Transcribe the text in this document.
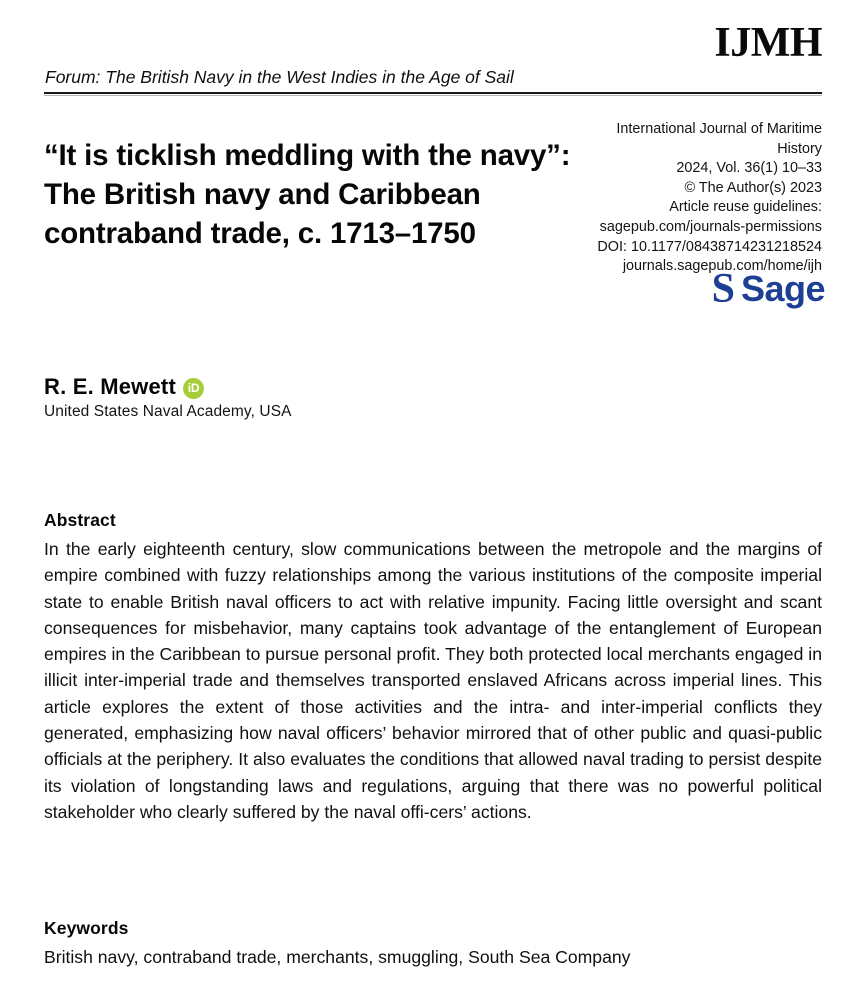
IJMH
Forum: The British Navy in the West Indies in the Age of Sail
“It is ticklish meddling with the navy”: The British navy and Caribbean contraband trade, c. 1713–1750
International Journal of Maritime
History
2024, Vol. 36(1) 10–33
© The Author(s) 2023
Article reuse guidelines:
sagepub.com/journals-permissions
DOI: 10.1177/08438714231218524
journals.sagepub.com/home/ijh
S Sage
R. E. Mewett iD
United States Naval Academy, USA
Abstract

In the early eighteenth century, slow communications between the metropole and the margins of empire combined with fuzzy relationships among the various institutions of the composite imperial state to enable British naval officers to act with relative impunity. Facing little oversight and scant consequences for misbehavior, many captains took advantage of the entanglement of European empires in the Caribbean to pursue personal profit. They both protected local merchants engaged in illicit inter-imperial trade and themselves transported enslaved Africans across imperial lines. This article explores the extent of those activities and the intra- and inter-imperial conflicts they generated, emphasizing how naval officers’ behavior mirrored that of other public and quasi-public officials at the periphery. It also evaluates the conditions that allowed naval trading to persist despite its violation of longstanding laws and regulations, arguing that there was no powerful political stakeholder who clearly suffered by the naval offi-cers’ actions.

Keywords

British navy, contraband trade, merchants, smuggling, South Sea Company
